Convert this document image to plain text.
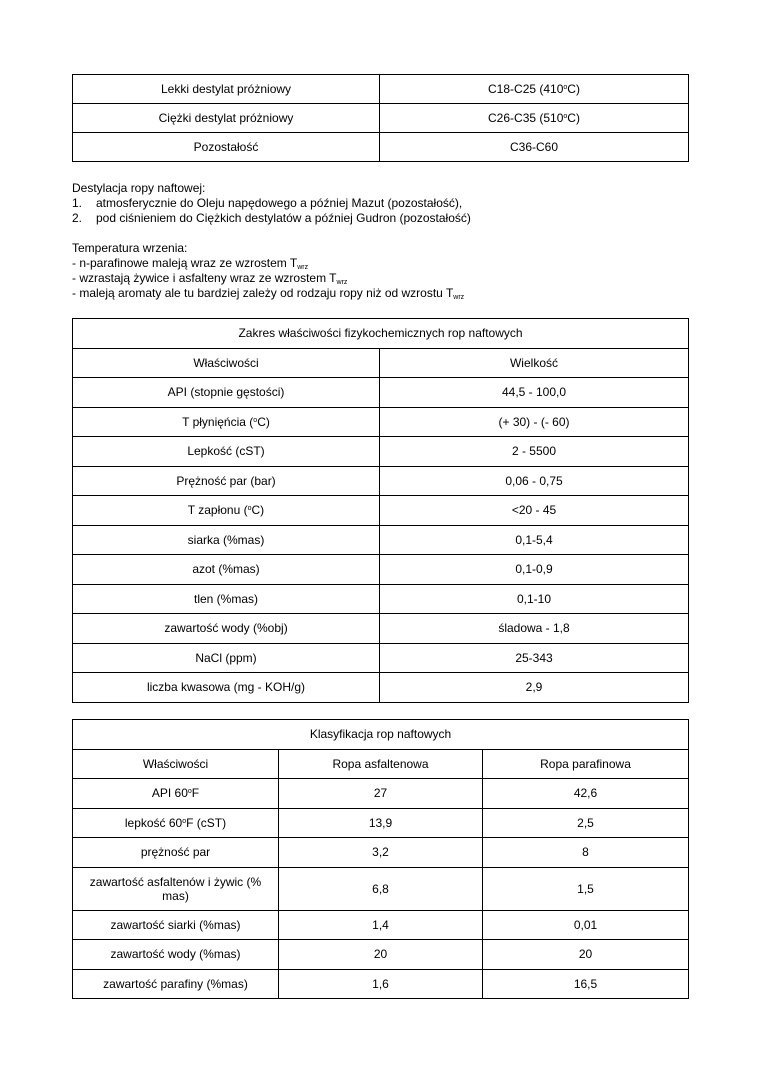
Lekki destylat próżniowy	C18-C25 (410$^o$C)
Ciężki destylat próżniowy	C26-C35 (510$^o$C)
Pozostałość	C36-C60
Destylacja ropy naftowej:
1. atmosferycznie do Oleju napędowego a później Mazut (pozostałość),
2. pod ciśnieniem do Ciężkich destylatów a później Gudron (pozostałość)
Temperatura wrzenia:
- n-parafinowe maleją wraz ze wzrostem $T_{wrz}$
- wzrastają żywice i asfalteny wraz ze wzrostem $T_{wrz}$
- maleją aromaty ale tu bardziej zależy od rodzaju ropy niż od wzrostu $T_{wrz}$
Zakres właściwości fizykochemicznych rop naftowych	
Właściwości	Wielkość
API (stopnie gęstości)	44,5 - 100,0
T płynięńcia ($^o$C)	(+ 30) - (- 60)
Lepkość (cST)	2 - 5500
Prężność par (bar)	0,06 - 0,75
T zapłonu ($^o$C)	<20 - 45
siarka (%mas)	0,1-5,4
azot (%mas)	0,1-0,9
tlen (%mas)	0,1-10
zawartość wody (%obj)	śladowa - 1,8
NaCl (ppm)	25-343
liczba kwasowa (mg - KOH/g)	2,9
Klasyfikacja rop naftowych		
Właściwości	Ropa asfaltenowa	Ropa parafinowa
API 60$^o$F	27	42,6
lepkość 60$^o$F (cST)	13,9	2,5
prężność par	3,2	8
zawartość asfaltenów i żywic (% mas)	6,8	1,5
zawartość siarki (%mas)	1,4	0,01
zawartość wody (%mas)	20	20
zawartość parafiny (%mas)	1,6	16,5
